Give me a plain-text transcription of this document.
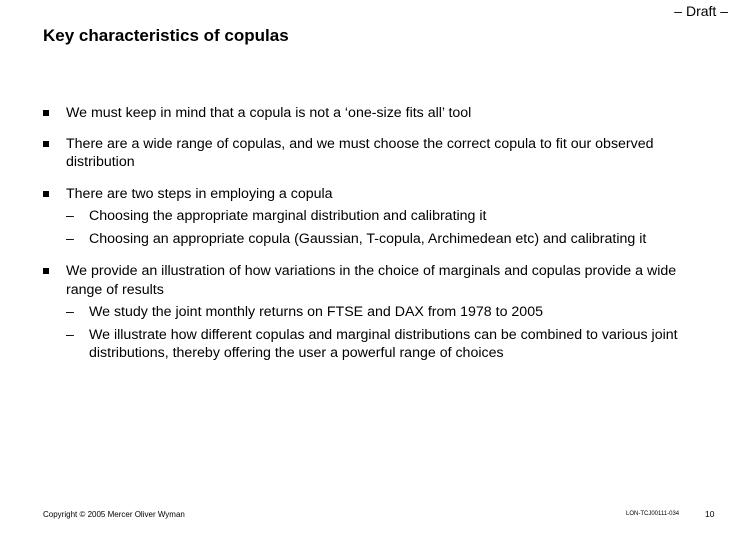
– Draft –
Key characteristics of copulas
We must keep in mind that a copula is not a ‘one-size fits all’ tool
There are a wide range of copulas, and we must choose the correct copula to fit our observed distribution
There are two steps in employing a copula
– Choosing the appropriate marginal distribution and calibrating it
– Choosing an appropriate copula (Gaussian, T-copula, Archimedean etc) and calibrating it
We provide an illustration of how variations in the choice of marginals and copulas provide a wide range of results
– We study the joint monthly returns on FTSE and DAX from 1978 to 2005
– We illustrate how different copulas and marginal distributions can be combined to various joint distributions, thereby offering the user a powerful range of choices
Copyright © 2005 Mercer Oliver Wyman	LON-TCJ00111-034	10
